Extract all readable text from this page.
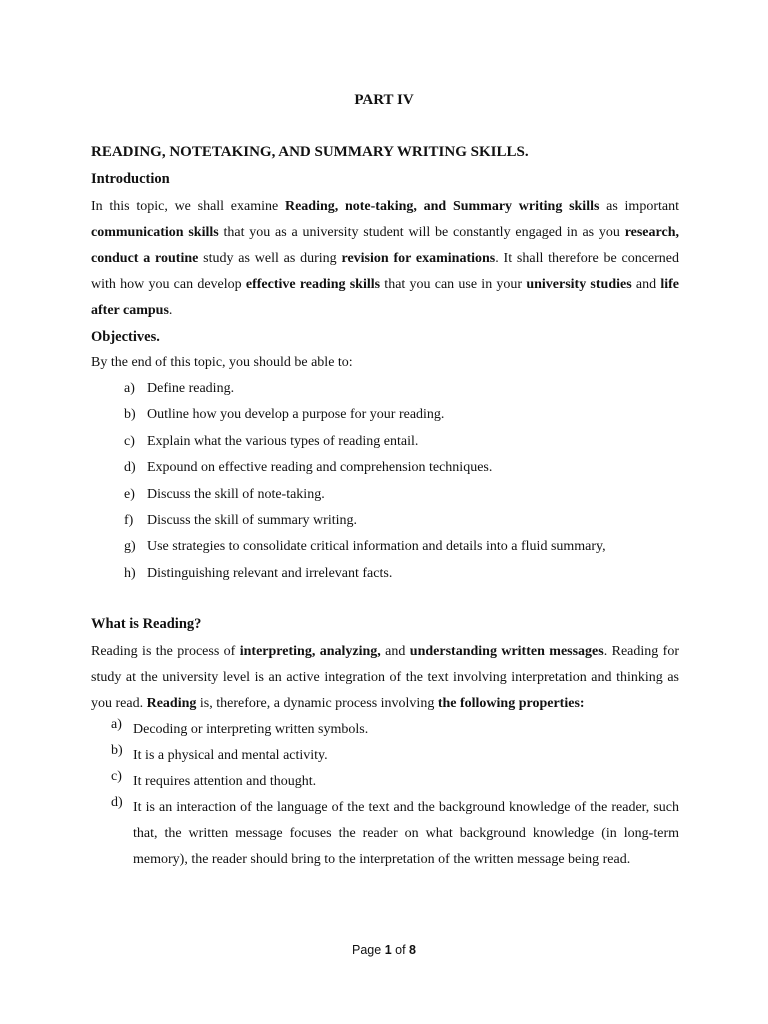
PART IV
READING, NOTETAKING, AND SUMMARY WRITING SKILLS.
Introduction
In this topic, we shall examine Reading, note-taking, and Summary writing skills as important communication skills that you as a university student will be constantly engaged in as you research, conduct a routine study as well as during revision for examinations. It shall therefore be concerned with how you can develop effective reading skills that you can use in your university studies and life after campus.
Objectives.
By the end of this topic, you should be able to:
a) Define reading.
b) Outline how you develop a purpose for your reading.
c) Explain what the various types of reading entail.
d) Expound on effective reading and comprehension techniques.
e) Discuss the skill of note-taking.
f) Discuss the skill of summary writing.
g) Use strategies to consolidate critical information and details into a fluid summary,
h) Distinguishing relevant and irrelevant facts.
What is Reading?
Reading is the process of interpreting, analyzing, and understanding written messages. Reading for study at the university level is an active integration of the text involving interpretation and thinking as you read. Reading is, therefore, a dynamic process involving the following properties:
a) Decoding or interpreting written symbols.
b) It is a physical and mental activity.
c) It requires attention and thought.
d) It is an interaction of the language of the text and the background knowledge of the reader, such that, the written message focuses the reader on what background knowledge (in long-term memory), the reader should bring to the interpretation of the written message being read.
Page 1 of 8
